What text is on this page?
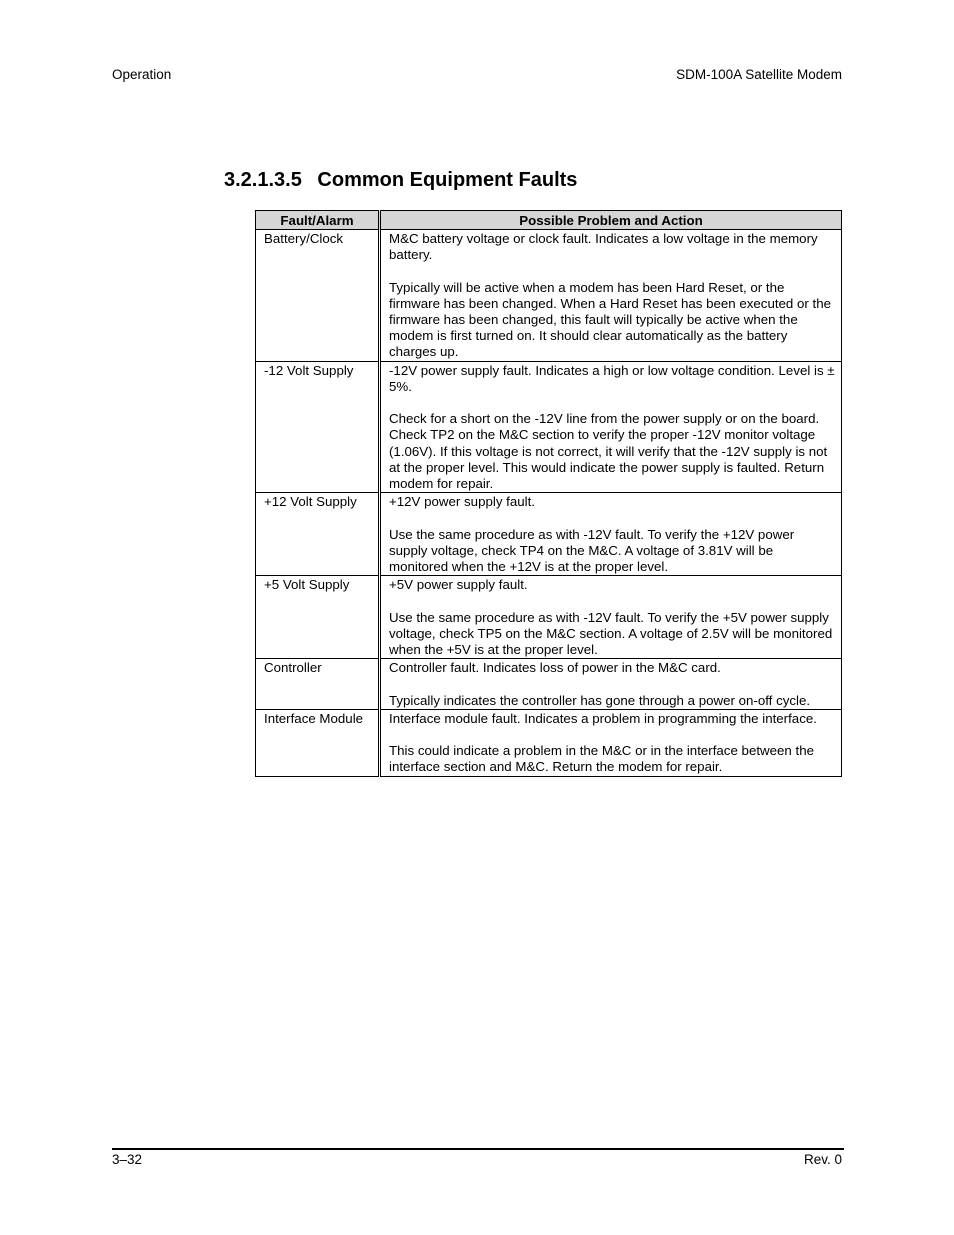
Operation	SDM-100A Satellite Modem
3.2.1.3.5 Common Equipment Faults
Fault/Alarm	Possible Problem and Action
Battery/Clock	M&C battery voltage or clock fault. Indicates a low voltage in the memory battery.
Typically will be active when a modem has been Hard Reset, or the firmware has been changed. When a Hard Reset has been executed or the firmware has been changed, this fault will typically be active when the modem is first turned on. It should clear automatically as the battery charges up.

-12 Volt Supply	-12V power supply fault. Indicates a high or low voltage condition. Level is ± 5%.
Check for a short on the -12V line from the power supply or on the board. Check TP2 on the M&C section to verify the proper -12V monitor voltage (1.06V). If this voltage is not correct, it will verify that the -12V supply is not at the proper level. This would indicate the power supply is faulted. Return modem for repair.

+12 Volt Supply	+12V power supply fault.
Use the same procedure as with -12V fault. To verify the +12V power supply voltage, check TP4 on the M&C. A voltage of 3.81V will be monitored when the +12V is at the proper level.

+5 Volt Supply	+5V power supply fault.
Use the same procedure as with -12V fault. To verify the +5V power supply voltage, check TP5 on the M&C section. A voltage of 2.5V will be monitored when the +5V is at the proper level.

Controller	Controller fault. Indicates loss of power in the M&C card.
Typically indicates the controller has gone through a power on-off cycle.

Interface Module	Interface module fault. Indicates a problem in programming the interface.
This could indicate a problem in the M&C or in the interface between the interface section and M&C. Return the modem for repair.
3–32	Rev. 0
